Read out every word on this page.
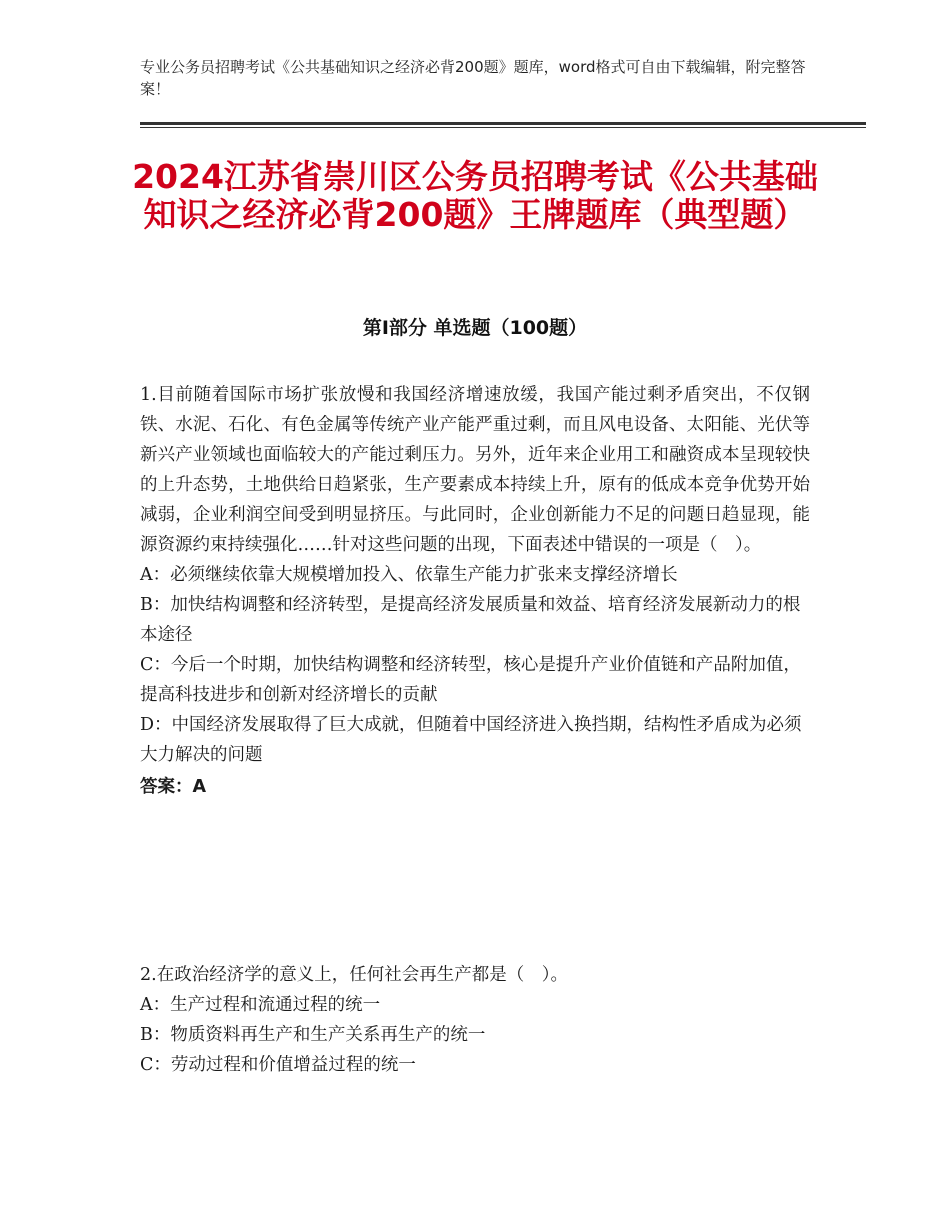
专业公务员招聘考试《公共基础知识之经济必背200题》题库，word格式可自由下载编辑，附完整答案！
2024江苏省崇川区公务员招聘考试《公共基础知识之经济必背200题》王牌题库（典型题）
第I部分 单选题（100题）

1.目前随着国际市场扩张放慢和我国经济增速放缓，我国产能过剩矛盾突出，不仅钢铁、水泥、石化、有色金属等传统产业产能严重过剩，而且风电设备、太阳能、光伏等新兴产业领域也面临较大的产能过剩压力。另外，近年来企业用工和融资成本呈现较快的上升态势，土地供给日趋紧张，生产要素成本持续上升，原有的低成本竞争优势开始减弱，企业利润空间受到明显挤压。与此同时，企业创新能力不足的问题日趋显现，能源资源约束持续强化……针对这些问题的出现，下面表述中错误的一项是（　）。

A：必须继续依靠大规模增加投入、依靠生产能力扩张来支撑经济增长

B：加快结构调整和经济转型，是提高经济发展质量和效益、培育经济发展新动力的根本途径

C：今后一个时期，加快结构调整和经济转型，核心是提升产业价值链和产品附加值，提高科技进步和创新对经济增长的贡献

D：中国经济发展取得了巨大成就，但随着中国经济进入换挡期，结构性矛盾成为必须大力解决的问题

答案：A

2.在政治经济学的意义上，任何社会再生产都是（　）。

A：生产过程和流通过程的统一

B：物质资料再生产和生产关系再生产的统一

C：劳动过程和价值增益过程的统一
